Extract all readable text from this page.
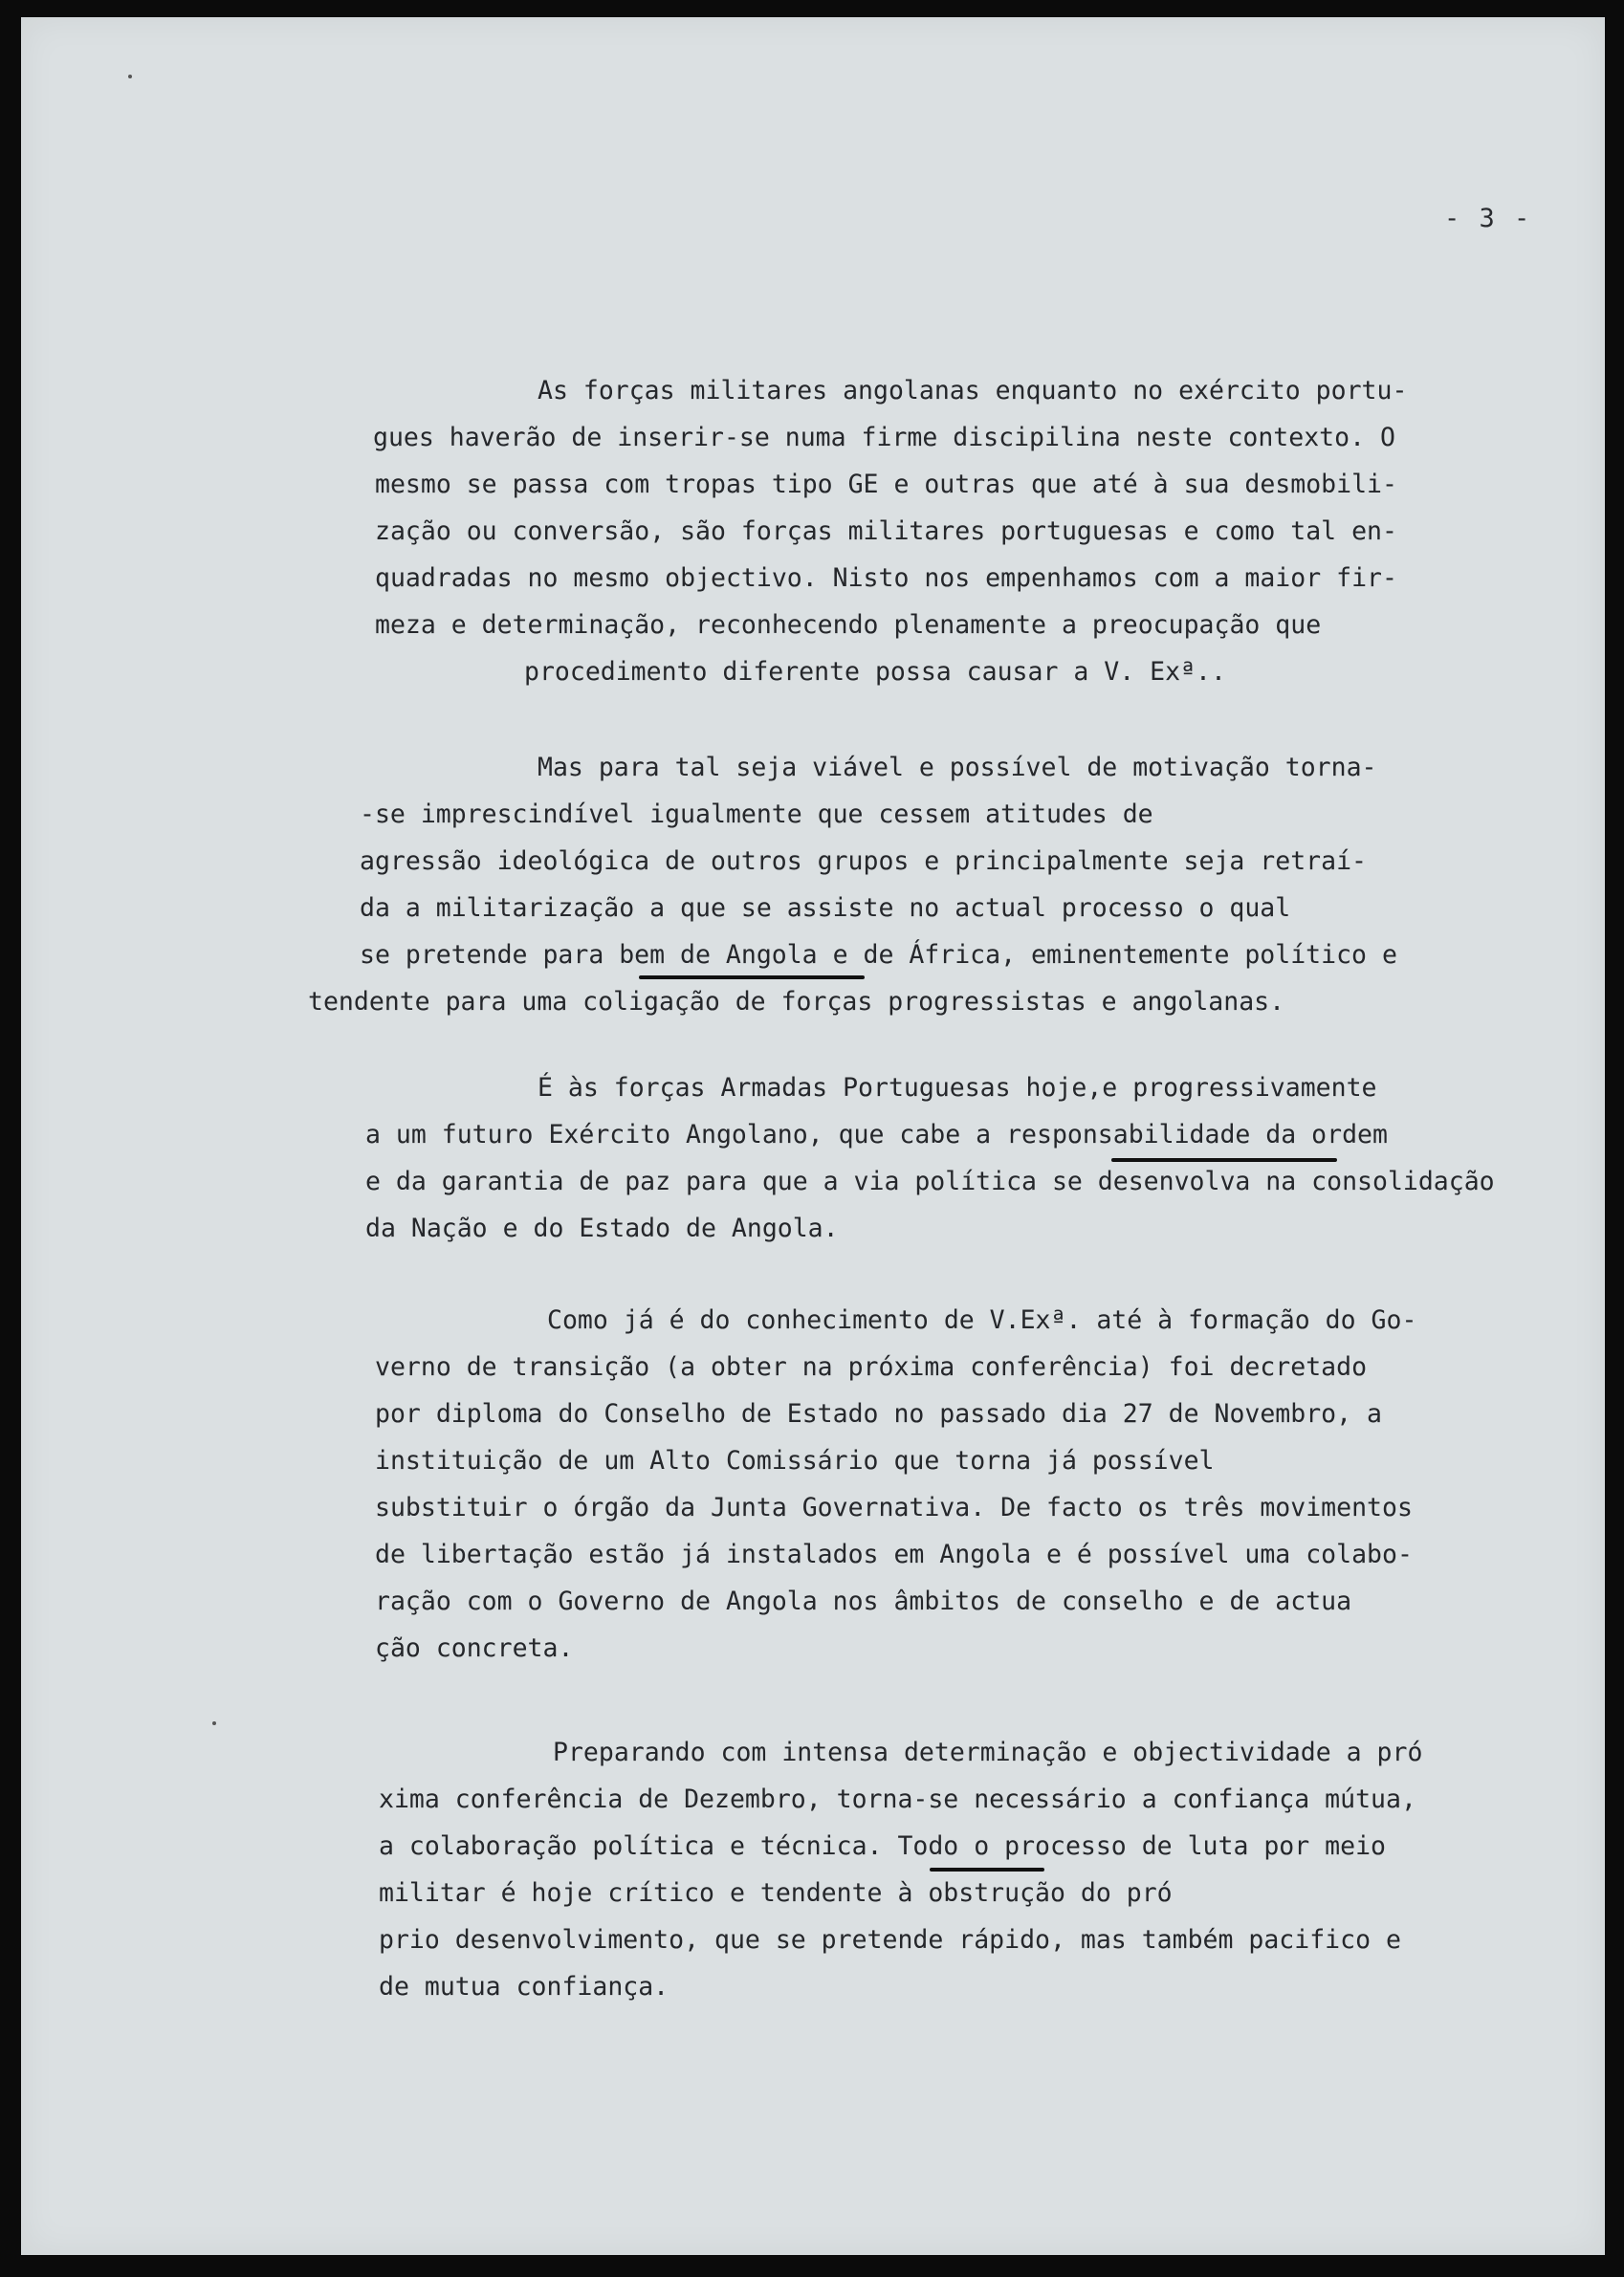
- 3 -
As forças militares angolanas enquanto no exército portu-
gues haverão de inserir-se numa firme discipilina neste contexto. O
mesmo se passa com tropas tipo GE e outras que até à sua desmobili-
zação ou conversão, são forças militares portuguesas e como tal en-
quadradas no mesmo objectivo. Nisto nos empenhamos com a maior fir-
meza e determinação, reconhecendo plenamente a preocupação que
procedimento diferente possa causar a V. Exª..
Mas para tal seja viável e possível de motivação torna-
-se imprescindível igualmente que cessem atitudes de
agressão ideológica de outros grupos e principalmente seja retraí-
da a militarização a que se assiste no actual processo o qual
se pretende para bem de Angola e de África, eminentemente político e
tendente para uma coligação de forças progressistas e angolanas.
É às forças Armadas Portuguesas hoje,e progressivamente
a um futuro Exército Angolano, que cabe a responsabilidade da ordem
e da garantia de paz para que a via política se desenvolva na consolidação
da Nação e do Estado de Angola.
Como já é do conhecimento de V.Exª. até à formação do Go-
verno de transição (a obter na próxima conferência) foi decretado
por diploma do Conselho de Estado no passado dia 27 de Novembro, a
instituição de um Alto Comissário que torna já possível
substituir o órgão da Junta Governativa. De facto os três movimentos
de libertação estão já instalados em Angola e é possível uma colabo-
ração com o Governo de Angola nos âmbitos de conselho e de actua
ção concreta.
Preparando com intensa determinação e objectividade a pró
xima conferência de Dezembro, torna-se necessário a confiança mútua,
a colaboração política e técnica. Todo o processo de luta por meio
militar é hoje crítico e tendente à obstrução do pró
prio desenvolvimento, que se pretende rápido, mas também pacifico e
de mutua confiança.
